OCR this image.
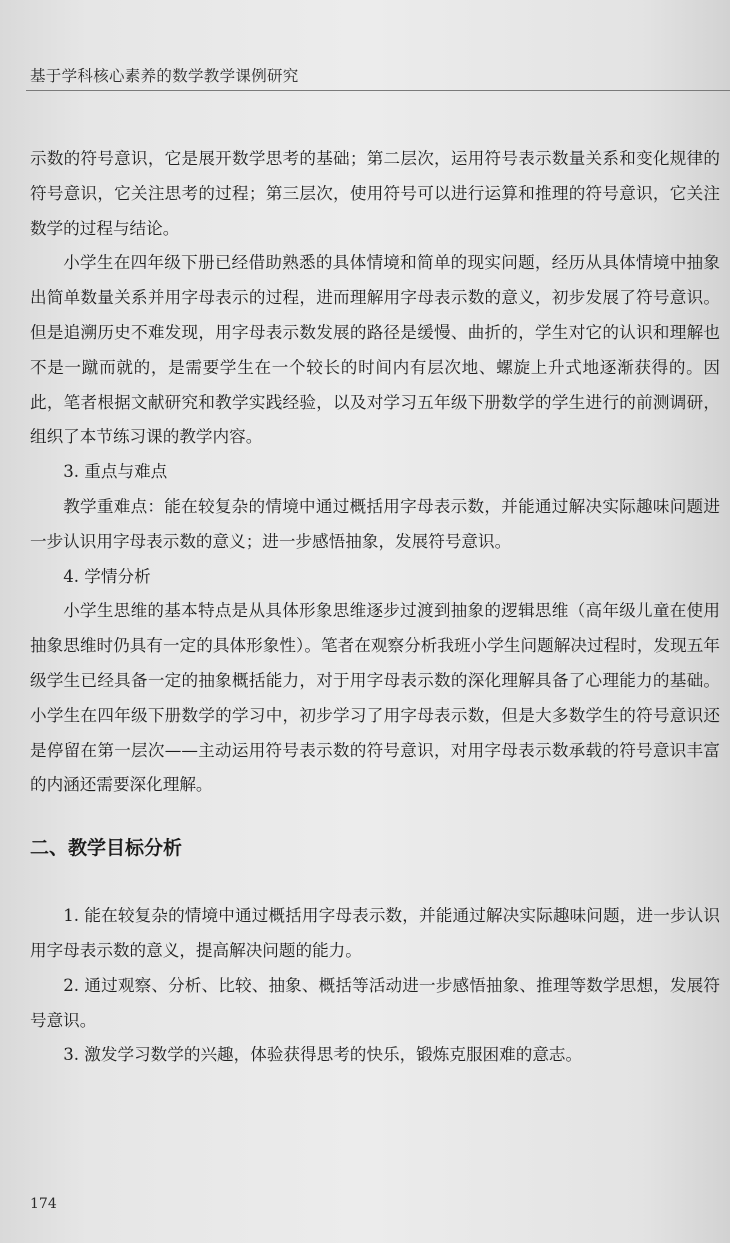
基于学科核心素养的数学教学课例研究

示数的符号意识，它是展开数学思考的基础；第二层次，运用符号表示数量关系和变化规律的符号意识，它关注思考的过程；第三层次，使用符号可以进行运算和推理的符号意识，它关注数学的过程与结论。

小学生在四年级下册已经借助熟悉的具体情境和简单的现实问题，经历从具体情境中抽象出简单数量关系并用字母表示的过程，进而理解用字母表示数的意义，初步发展了符号意识。但是追溯历史不难发现，用字母表示数发展的路径是缓慢、曲折的，学生对它的认识和理解也不是一蹴而就的，是需要学生在一个较长的时间内有层次地、螺旋上升式地逐渐获得的。因此，笔者根据文献研究和教学实践经验，以及对学习五年级下册数学的学生进行的前测调研，组织了本节练习课的教学内容。

3. 重点与难点

教学重难点：能在较复杂的情境中通过概括用字母表示数，并能通过解决实际趣味问题进一步认识用字母表示数的意义；进一步感悟抽象，发展符号意识。

4. 学情分析

小学生思维的基本特点是从具体形象思维逐步过渡到抽象的逻辑思维（高年级儿童在使用抽象思维时仍具有一定的具体形象性）。笔者在观察分析我班小学生问题解决过程时，发现五年级学生已经具备一定的抽象概括能力，对于用字母表示数的深化理解具备了心理能力的基础。小学生在四年级下册数学的学习中，初步学习了用字母表示数，但是大多数学生的符号意识还是停留在第一层次——主动运用符号表示数的符号意识，对用字母表示数承载的符号意识丰富的内涵还需要深化理解。

二、教学目标分析

1. 能在较复杂的情境中通过概括用字母表示数，并能通过解决实际趣味问题，进一步认识用字母表示数的意义，提高解决问题的能力。

2. 通过观察、分析、比较、抽象、概括等活动进一步感悟抽象、推理等数学思想，发展符号意识。

3. 激发学习数学的兴趣，体验获得思考的快乐，锻炼克服困难的意志。

174
